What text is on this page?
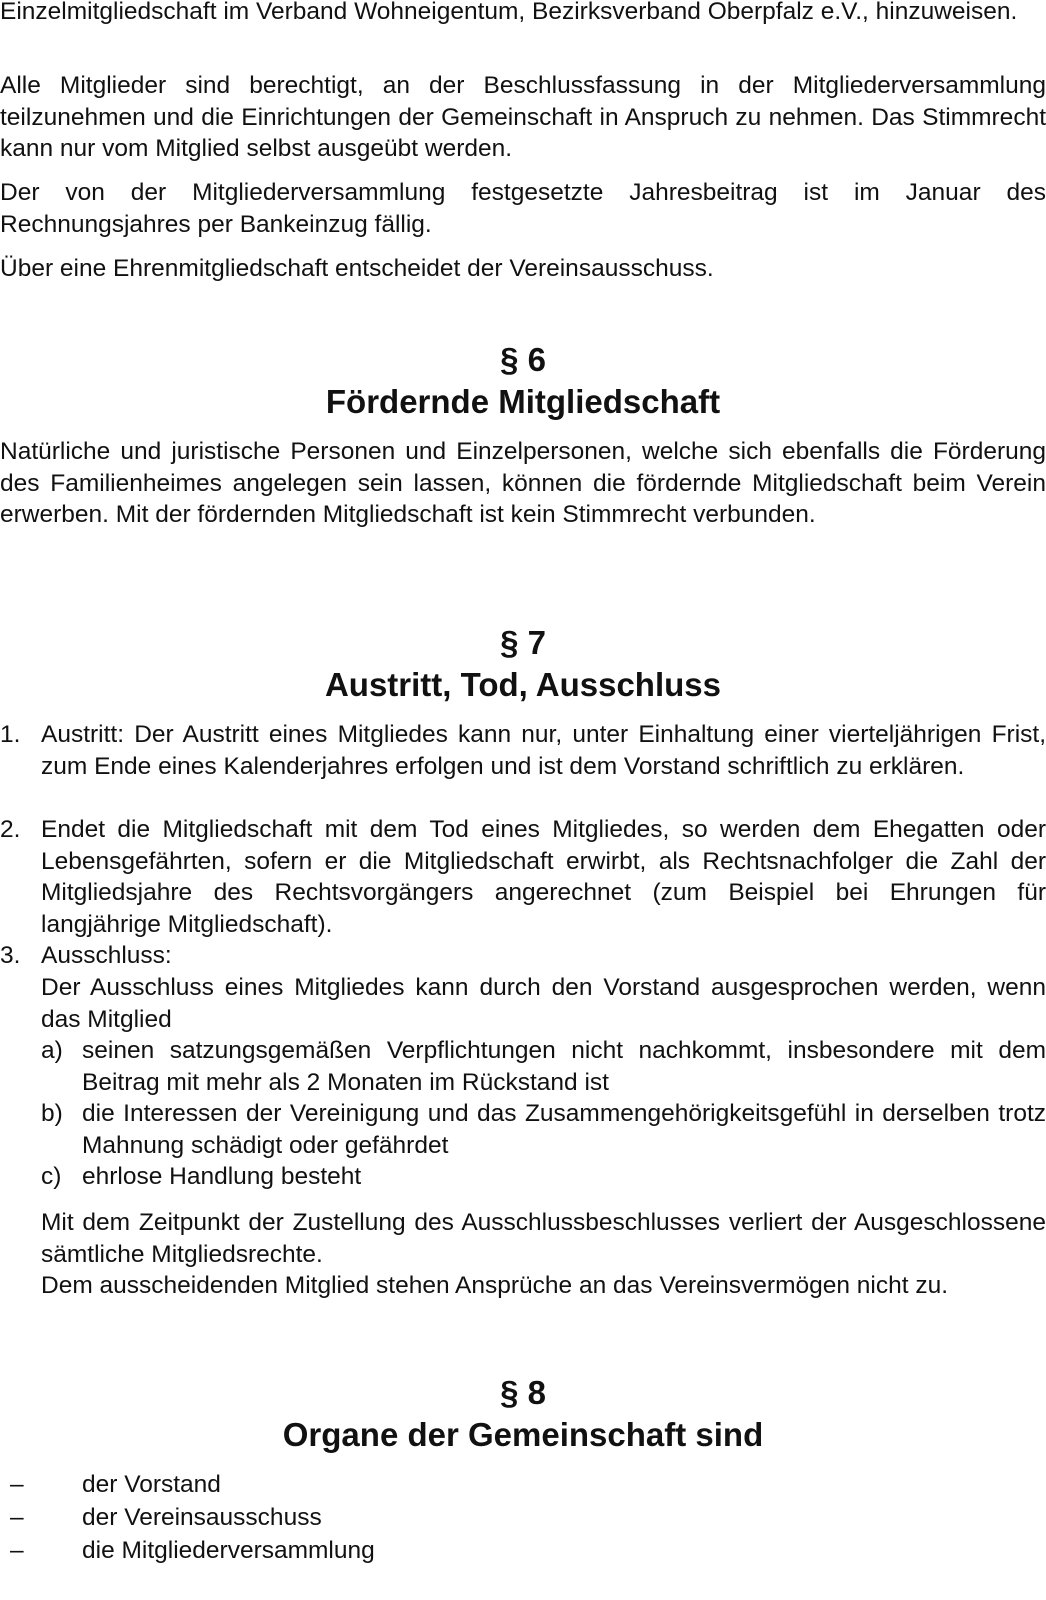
Einzelmitgliedschaft im Verband Wohneigentum, Bezirksverband Oberpfalz e.V., hinzuweisen.

Alle Mitglieder sind berechtigt, an der Beschlussfassung in der Mitgliederversammlung teilzunehmen und die Einrichtungen der Gemeinschaft in Anspruch zu nehmen. Das Stimmrecht kann nur vom Mitglied selbst ausgeübt werden.

Der von der Mitgliederversammlung festgesetzte Jahresbeitrag ist im Januar des Rechnungsjahres per Bankeinzug fällig.

Über eine Ehrenmitgliedschaft entscheidet der Vereinsausschuss.

§ 6
Fördernde Mitgliedschaft

Natürliche und juristische Personen und Einzelpersonen, welche sich ebenfalls die Förderung des Familienheimes angelegen sein lassen, können die fördernde Mitgliedschaft beim Verein erwerben. Mit der fördernden Mitgliedschaft ist kein Stimmrecht verbunden.

§ 7
Austritt, Tod, Ausschluss
1. Austritt: Der Austritt eines Mitgliedes kann nur, unter Einhaltung einer vierteljährigen Frist, zum Ende eines Kalenderjahres erfolgen und ist dem Vorstand schriftlich zu erklären.

2. Endet die Mitgliedschaft mit dem Tod eines Mitgliedes, so werden dem Ehegatten oder Lebensgefährten, sofern er die Mitgliedschaft erwirbt, als Rechtsnachfolger die Zahl der Mitgliedsjahre des Rechtsvorgängers angerechnet (zum Beispiel bei Ehrungen für langjährige Mitgliedschaft).

3. Ausschluss:

Der Ausschluss eines Mitgliedes kann durch den Vorstand ausgesprochen werden, wenn das Mitglied

a) seinen satzungsgemäßen Verpflichtungen nicht nachkommt, insbesondere mit dem Beitrag mit mehr als 2 Monaten im Rückstand ist

b) die Interessen der Vereinigung und das Zusammengehörigkeitsgefühl in derselben trotz Mahnung schädigt oder gefährdet

c) ehrlose Handlung besteht

Mit dem Zeitpunkt der Zustellung des Ausschlussbeschlusses verliert der Ausgeschlossene sämtliche Mitgliedsrechte.

Dem ausscheidenden Mitglied stehen Ansprüche an das Vereinsvermögen nicht zu.

§ 8
Organe der Gemeinschaft sind
– der Vorstand

– der Vereinsausschuss

– die Mitgliederversammlung
